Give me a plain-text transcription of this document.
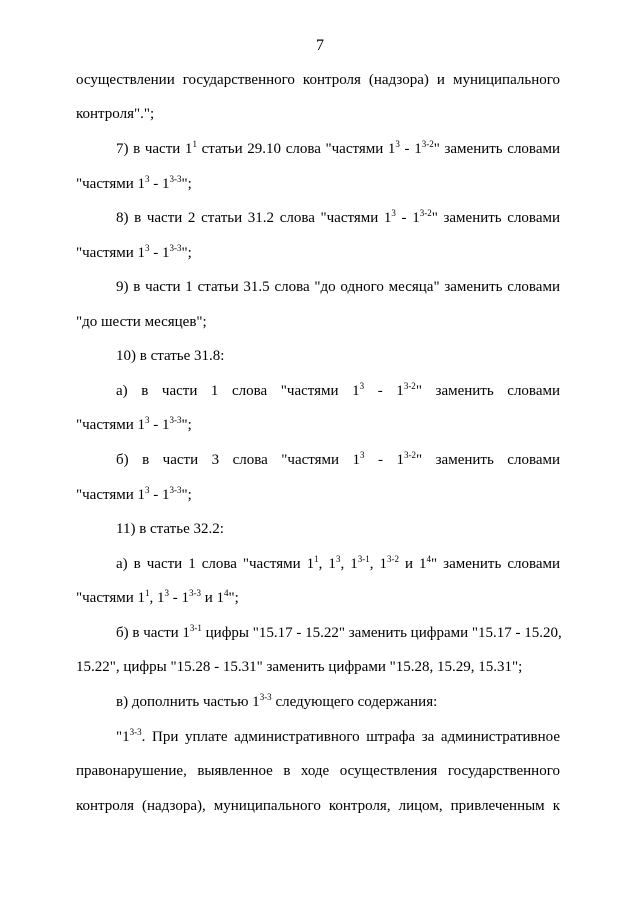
7

осуществлении государственного контроля (надзора) и муниципального

контроля".";

7) в части $1^1$ статьи 29.10 слова "частями $1^3 - 1^{3-2}$" заменить словами

"частями $1^3 - 1^{3-3}$";

8) в части 2 статьи 31.2 слова "частями $1^3 - 1^{3-2}$" заменить словами

"частями $1^3 - 1^{3-3}$";

9) в части 1 статьи 31.5 слова "до одного месяца" заменить словами

"до шести месяцев";

10) в статье 31.8:

а) в части 1 слова "частями $1^3 - 1^{3-2}$" заменить словами

"частями $1^3 - 1^{3-3}$";

б) в части 3 слова "частями $1^3 - 1^{3-2}$" заменить словами

"частями $1^3 - 1^{3-3}$";

11) в статье 32.2:

а) в части 1 слова "частями $1^1$, $1^3$, 1$^{3-1}$, 1$^{3-2}$ и $1^4$" заменить словами

"частями $1^1$, $1^3 - 1^{3-3}$ и $1^4$";

б) в части 1$^{3-1}$ цифры "15.17 - 15.22" заменить цифрами "15.17 - 15.20,

15.22", цифры "15.28 - 15.31" заменить цифрами "15.28, 15.29, 15.31";

в) дополнить частью 1$^{3-3}$ следующего содержания:

"1$^{3-3}$. При уплате административного штрафа за административное

правонарушение, выявленное в ходе осуществления государственного

контроля (надзора), муниципального контроля, лицом, привлеченным к
